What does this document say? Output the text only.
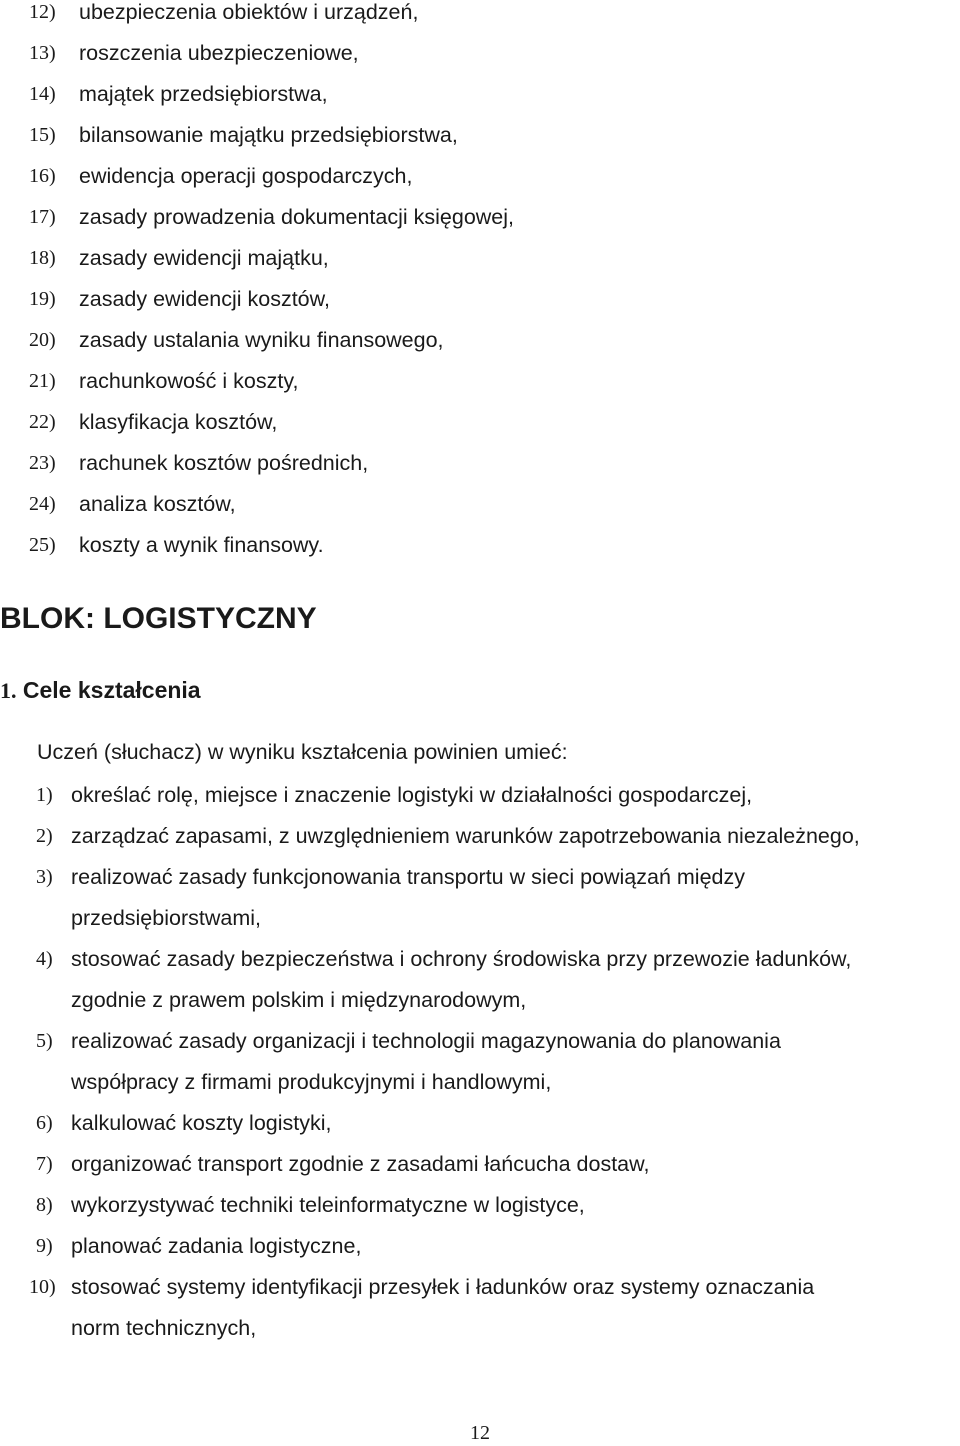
12) ubezpieczenia obiektów i urządzeń,
13) roszczenia ubezpieczeniowe,
14) majątek przedsiębiorstwa,
15) bilansowanie majątku przedsiębiorstwa,
16) ewidencja operacji gospodarczych,
17) zasady prowadzenia dokumentacji księgowej,
18) zasady ewidencji majątku,
19) zasady ewidencji kosztów,
20) zasady ustalania wyniku finansowego,
21) rachunkowość i koszty,
22) klasyfikacja kosztów,
23) rachunek kosztów pośrednich,
24) analiza kosztów,
25) koszty a wynik finansowy.
BLOK: LOGISTYCZNY
1. Cele kształcenia
Uczeń (słuchacz) w wyniku kształcenia powinien umieć:
1) określać rolę, miejsce i znaczenie logistyki w działalności gospodarczej,
2) zarządzać zapasami, z uwzględnieniem warunków zapotrzebowania niezależnego,
3) realizować zasady funkcjonowania transportu w sieci powiązań między
przedsiębiorstwami,
4) stosować zasady bezpieczeństwa i ochrony środowiska przy przewozie ładunków,
zgodnie z prawem polskim i międzynarodowym,
5) realizować zasady organizacji i technologii magazynowania do planowania
współpracy z firmami produkcyjnymi i handlowymi,
6) kalkulować koszty logistyki,
7) organizować transport zgodnie z zasadami łańcucha dostaw,
8) wykorzystywać techniki teleinformatyczne w logistyce,
9) planować zadania logistyczne,
10) stosować systemy identyfikacji przesyłek i ładunków oraz systemy oznaczania
norm technicznych,
12
